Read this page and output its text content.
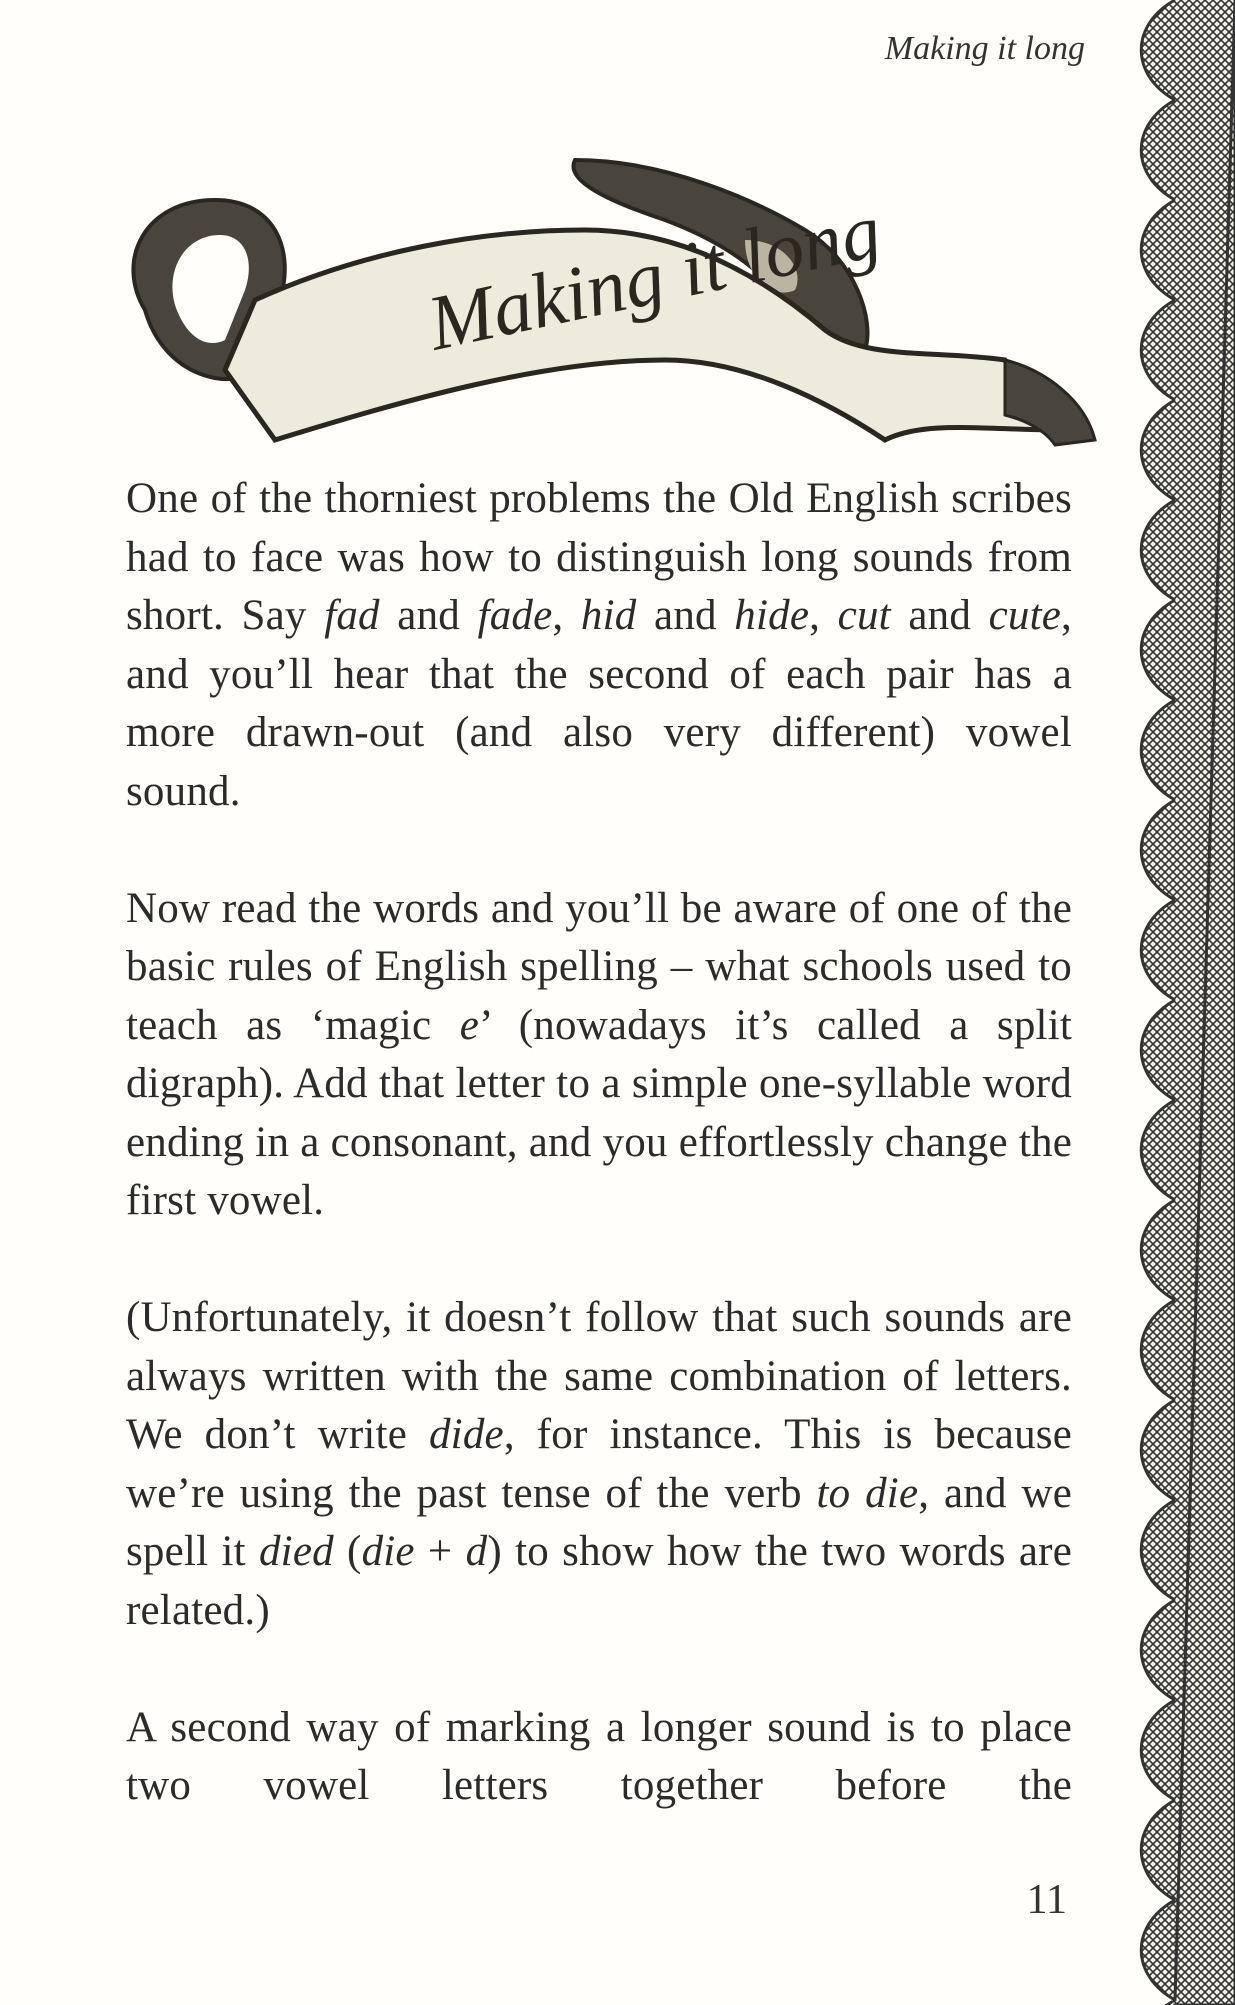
Making it long
Making it long

One of the thorniest problems the Old English scribes had to face was how to distinguish long sounds from short. Say fad and fade, hid and hide, cut and cute, and you’ll hear that the second of each pair has a more drawn-out (and also very different) vowel sound.

Now read the words and you’ll be aware of one of the basic rules of English spelling – what schools used to teach as ‘magic e’ (nowadays it’s called a split digraph). Add that letter to a simple one-syllable word ending in a consonant, and you effortlessly change the first vowel.

(Unfortunately, it doesn’t follow that such sounds are always written with the same combination of letters. We don’t write dide, for instance. This is because we’re using the past tense of the verb to die, and we spell it died (die + d) to show how the two words are related.)

A second way of marking a longer sound is to place two vowel letters together before the

11
